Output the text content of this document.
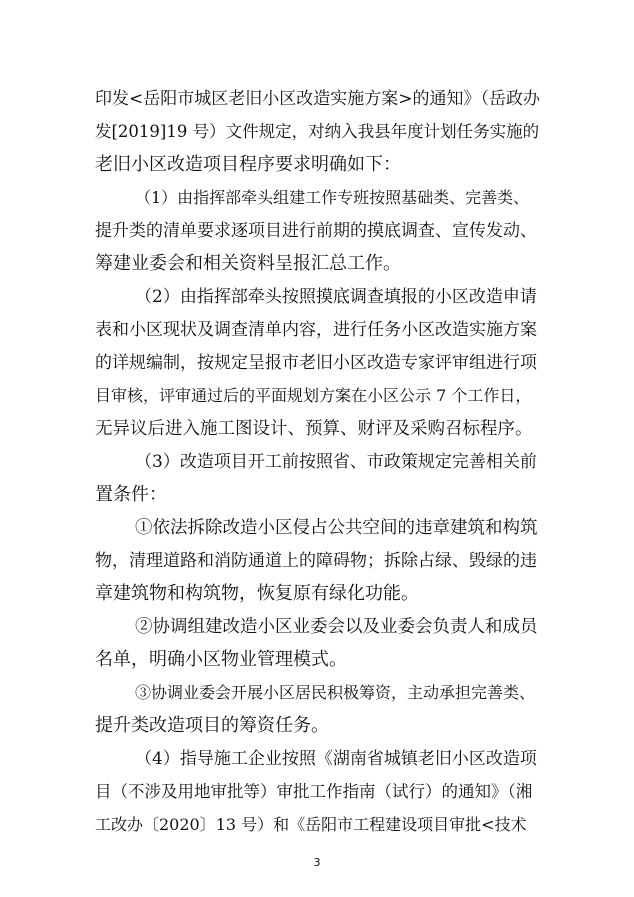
印发<岳阳市城区老旧小区改造实施方案>的通知》（岳政办
发[2019]19 号）文件规定，对纳入我县年度计划任务实施的
老旧小区改造项目程序要求明确如下：
（1）由指挥部牵头组建工作专班按照基础类、完善类、
提升类的清单要求逐项目进行前期的摸底调查、宣传发动、
筹建业委会和相关资料呈报汇总工作。
（2）由指挥部牵头按照摸底调查填报的小区改造申请
表和小区现状及调查清单内容，进行任务小区改造实施方案
的详规编制，按规定呈报市老旧小区改造专家评审组进行项
目审核，评审通过后的平面规划方案在小区公示 7 个工作日，
无异议后进入施工图设计、预算、财评及采购召标程序。
（3）改造项目开工前按照省、市政策规定完善相关前
置条件：
①依法拆除改造小区侵占公共空间的违章建筑和构筑
物，清理道路和消防通道上的障碍物；拆除占绿、毁绿的违
章建筑物和构筑物，恢复原有绿化功能。
②协调组建改造小区业委会以及业委会负责人和成员
名单，明确小区物业管理模式。
③协调业委会开展小区居民积极筹资，主动承担完善类、
提升类改造项目的筹资任务。
（4）指导施工企业按照《湖南省城镇老旧小区改造项
目（不涉及用地审批等）审批工作指南（试行）的通知》（湘
工改办〔2020〕13 号）和《岳阳市工程建设项目审批<技术
3
